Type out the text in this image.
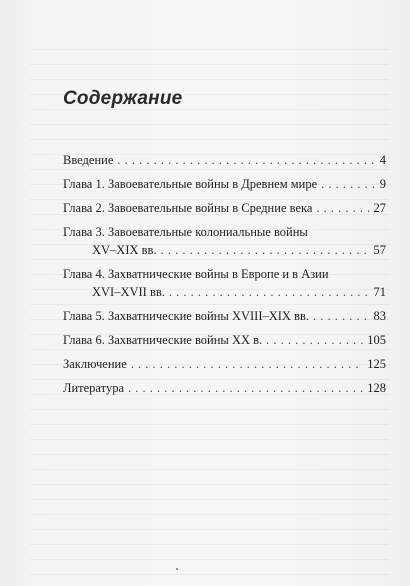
Содержание
Введение . . .	4
Глава 1. Завоевательные войны в Древнем мире . . .	9
Глава 2. Завоевательные войны в Средние века . . .	27
Глава 3. Завоевательные колониальные войны
XV–XIX вв. . . .	57
Глава 4. Захватнические войны в Европе и в Азии
XVI–XVII вв. . . .	71
Глава 5. Захватнические войны XVIII–XIX вв. . . .	83
Глава 6. Захватнические войны XX в. . . .	105
Заключение . . .	125
Литература . . .	128
